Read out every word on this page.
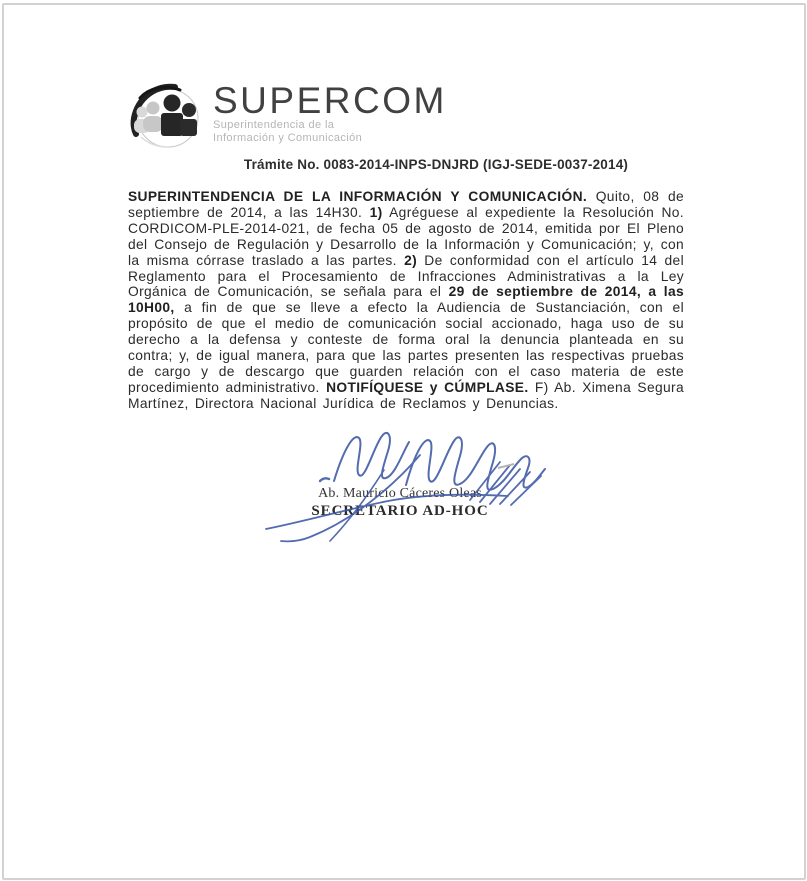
SUPERCOM
Superintendencia de la
Información y Comunicación
Trámite No. 0083-2014-INPS-DNJRD (IGJ-SEDE-0037-2014)

SUPERINTENDENCIA DE LA INFORMACIÓN Y COMUNICACIÓN. Quito, 08 de septiembre de 2014, a las 14H30. 1) Agréguese al expediente la Resolución No. CORDICOM-PLE-2014-021, de fecha 05 de agosto de 2014, emitida por El Pleno del Consejo de Regulación y Desarrollo de la Información y Comunicación; y, con la misma córrase traslado a las partes. 2) De conformidad con el artículo 14 del Reglamento para el Procesamiento de Infracciones Administrativas a la Ley Orgánica de Comunicación, se señala para el 29 de septiembre de 2014, a las 10H00, a fin de que se lleve a efecto la Audiencia de Sustanciación, con el propósito de que el medio de comunicación social accionado, haga uso de su derecho a la defensa y conteste de forma oral la denuncia planteada en su contra; y, de igual manera, para que las partes presenten las respectivas pruebas de cargo y de descargo que guarden relación con el caso materia de este procedimiento administrativo. NOTIFÍQUESE y CÚMPLASE. F) Ab. Ximena Segura Martínez, Directora Nacional Jurídica de Reclamos y Denuncias.

Ab. Mauricio Cáceres Oleas
SECRETARIO AD-HOC
